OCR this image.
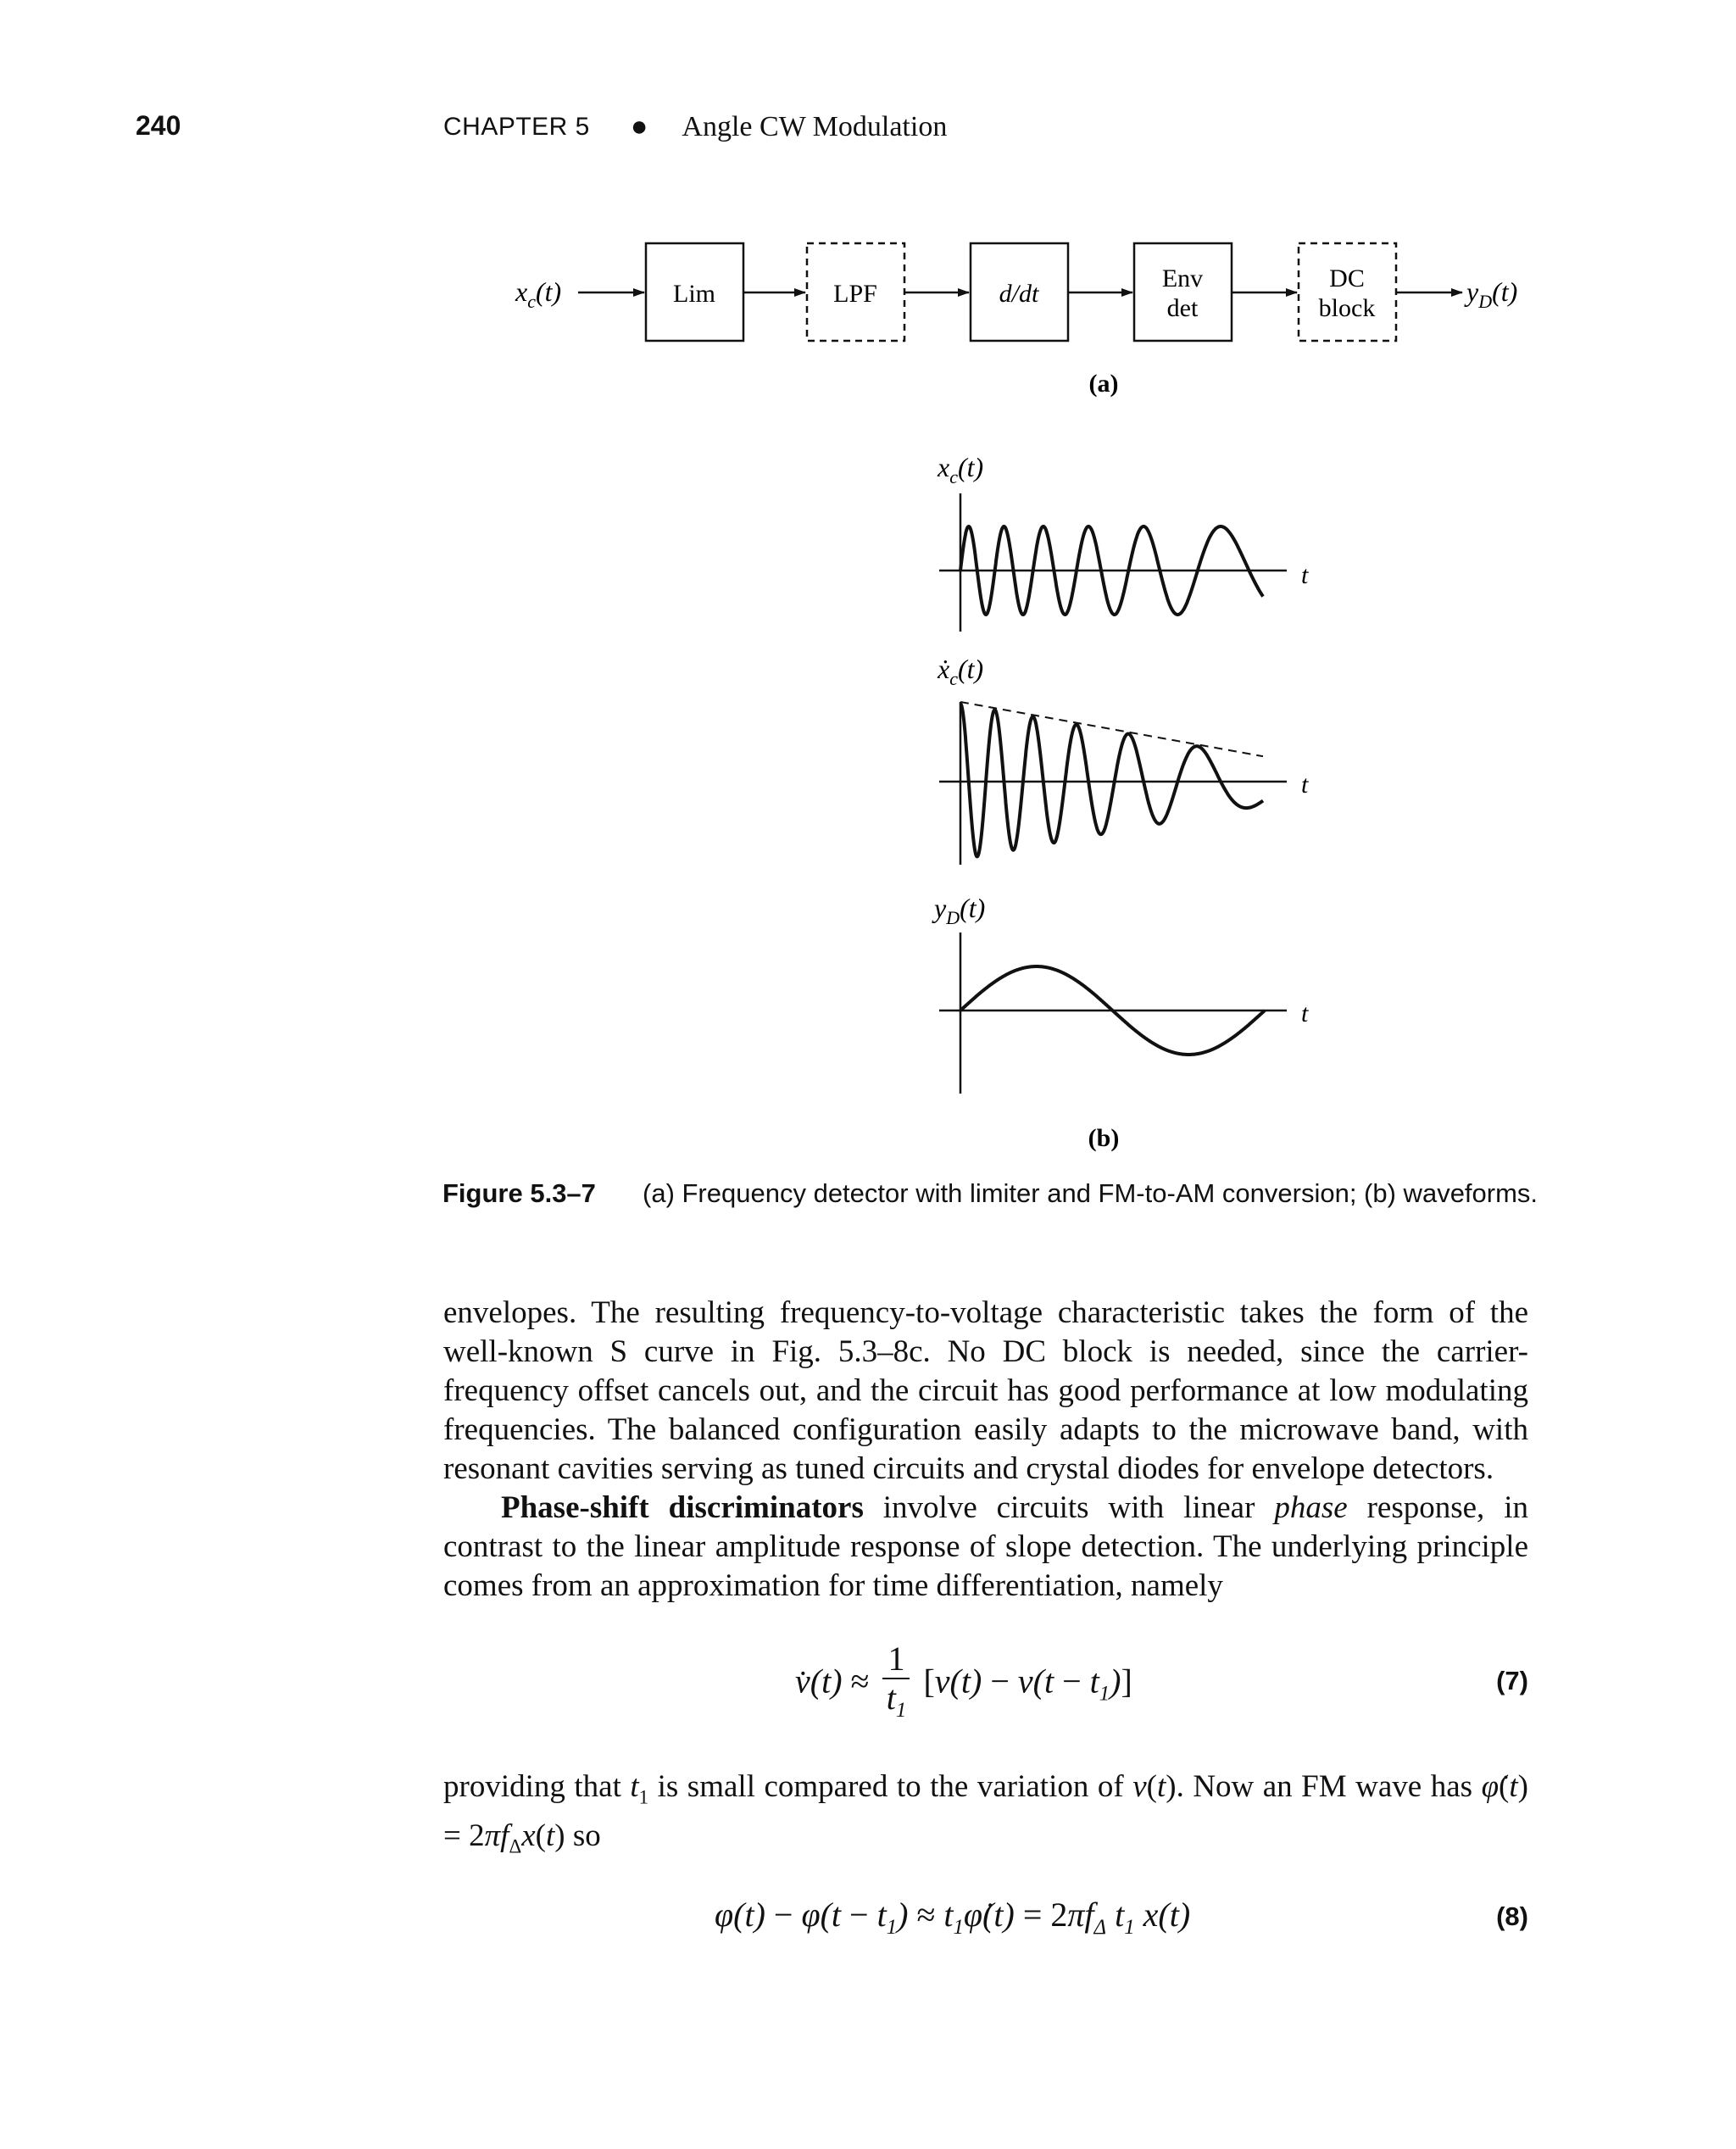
240	CHAPTER 5 ● Angle CW Modulation
$x_c(t)$	Lim	LPF	d/dt
Env
det
DC
block
$y_D(t)$
(a)
$x_c(t)$
t
ẋ$_c$(t)
t
$y_D(t)$
t
(b)
Figure 5.3–7 (a) Frequency detector with limiter and FM-to-AM conversion; (b) waveforms.

envelopes. The resulting frequency-to-voltage characteristic takes the form of the well-known S curve in Fig. 5.3–8c. No DC block is needed, since the carrier-frequency offset cancels out, and the circuit has good performance at low modulating frequencies. The balanced configuration easily adapts to the microwave band, with resonant cavities serving as tuned circuits and crystal diodes for envelope detectors.

Phase-shift discriminators involve circuits with linear phase response, in contrast to the linear amplitude response of slope detection. The underlying principle comes from an approximation for time differentiation, namely

v̇(t) ≈ $\frac{1}{t_1} [v(t) - v(t - t_1)]$	(7)

providing that $t_1$ is small compared to the variation of v(t). Now an FM wave has φ̇(t) = $2\pi f_\Delta x(t)$ so

$\varphi(t) - \varphi(t - t_1)$ ≈ $t_1\varphi̇(t) = 2\pi f_\Delta$ $t_1$ x(t)	(8)
